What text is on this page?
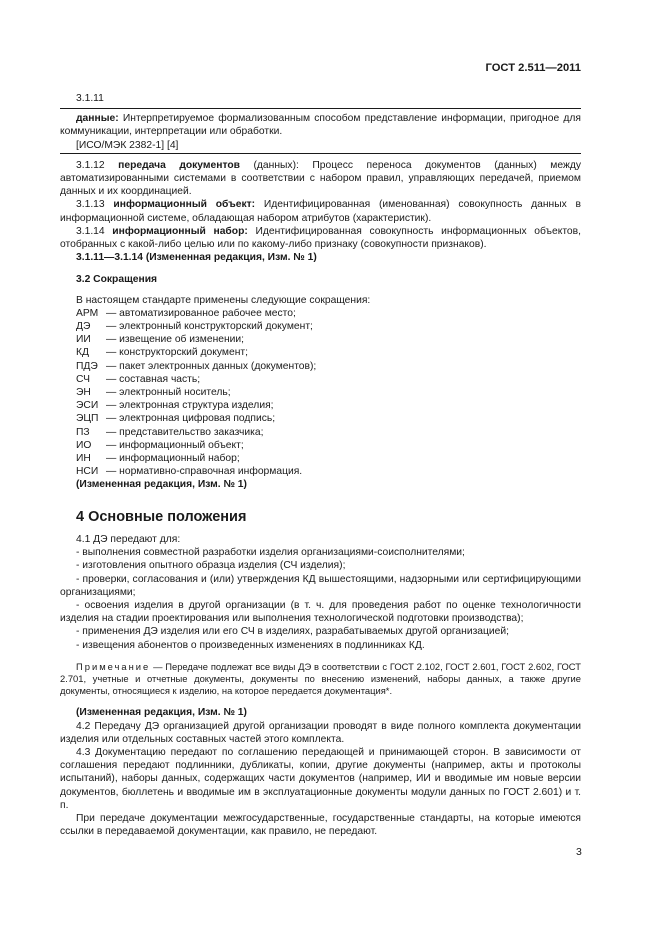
ГОСТ 2.511—2011

3.1.11

данные: Интерпретируемое формализованным способом представление информации, пригодное для коммуникации, интерпретации или обработки.

[ИСО/МЭК 2382-1] [4]

3.1.12 передача документов (данных): Процесс переноса документов (данных) между автоматизированными системами в соответствии с набором правил, управляющих передачей, приемом данных и их координацией.

3.1.13 информационный объект: Идентифицированная (именованная) совокупность данных в информационной системе, обладающая набором атрибутов (характеристик).

3.1.14 информационный набор: Идентифицированная совокупность информационных объектов, отобранных с какой-либо целью или по какому-либо признаку (совокупности признаков).

3.1.11—3.1.14 (Измененная редакция, Изм. № 1)

3.2 Сокращения

В настоящем стандарте применены следующие сокращения:

АРМ — автоматизированное рабочее место;
ДЭ	— электронный конструкторский документ;
ИИ	— извещение об изменении;
КД	— конструкторский документ;
ПДЭ — пакет электронных данных (документов);
СЧ	— составная часть;
ЭН	— электронный носитель;
ЭСИ — электронная структура изделия;
ЭЦП — электронная цифровая подпись;
ПЗ	— представительство заказчика;
ИО	— информационный объект;
ИН	— информационный набор;
НСИ — нормативно-справочная информация.

(Измененная редакция, Изм. № 1)

4 Основные положения

4.1 ДЭ передают для:

- выполнения совместной разработки изделия организациями-соисполнителями;

- изготовления опытного образца изделия (СЧ изделия);

- проверки, согласования и (или) утверждения КД вышестоящими, надзорными или сертифицирующими организациями;

- освоения изделия в другой организации (в т. ч. для проведения работ по оценке технологичности изделия на стадии проектирования или выполнения технологической подготовки производства);

- применения ДЭ изделия или его СЧ в изделиях, разрабатываемых другой организацией;

- извещения абонентов о произведенных изменениях в подлинниках КД.

Примечание — Передаче подлежат все виды ДЭ в соответствии с ГОСТ 2.102, ГОСТ 2.601, ГОСТ 2.602, ГОСТ 2.701, учетные и отчетные документы, документы по внесению изменений, наборы данных, а также другие документы, относящиеся к изделию, на которое передается документация*.

(Измененная редакция, Изм. № 1)

4.2 Передачу ДЭ организацией другой организации проводят в виде полного комплекта документации изделия или отдельных составных частей этого комплекта.

4.3 Документацию передают по соглашению передающей и принимающей сторон. В зависимости от соглашения передают подлинники, дубликаты, копии, другие документы (например, акты и протоколы испытаний), наборы данных, содержащих части документов (например, ИИ и вводимые им новые версии документов, бюллетень и вводимые им в эксплуатационные документы модули данных по ГОСТ 2.601) и т. п.

При передаче документации межгосударственные, государственные стандарты, на которые имеются ссылки в передаваемой документации, как правило, не передают.

3
